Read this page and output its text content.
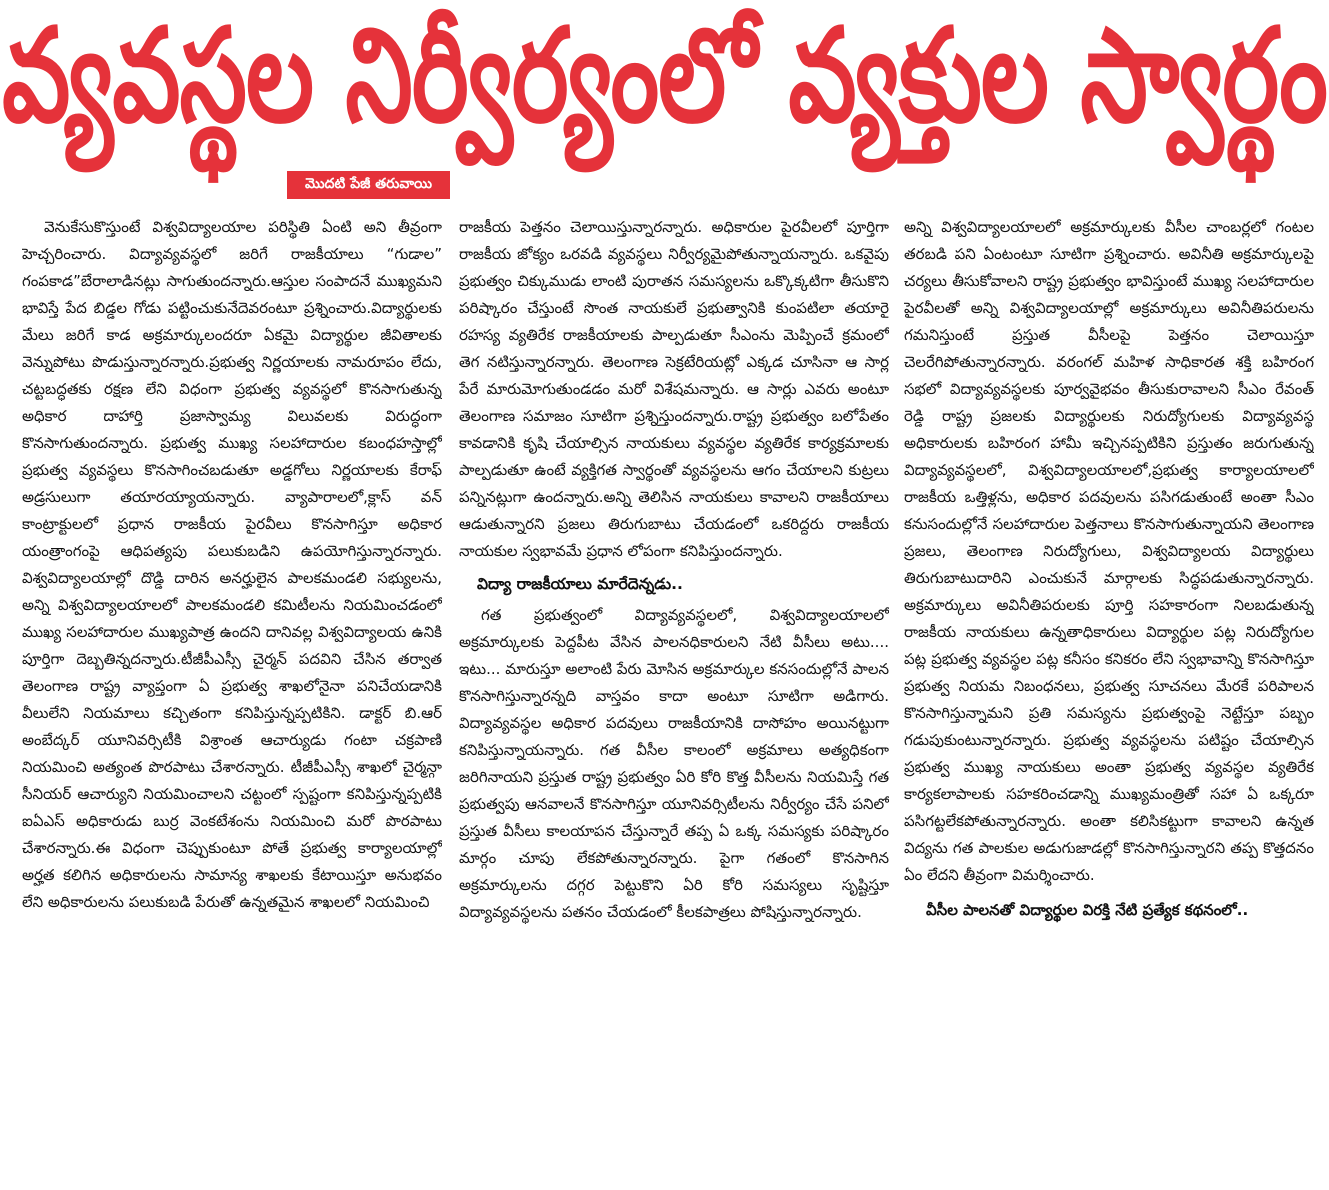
వ్యవస్థల నిర్వీర్యంలో వ్యక్తుల స్వార్థం
మొదటి పేజీ తరువాయి

వెనుకేసుకొస్తుంటే విశ్వవిద్యాలయాల పరిస్థితి ఏంటి అని తీవ్రంగా హెచ్చరించారు. విద్యావ్యవస్థలో జరిగే రాజకీయాలు “గుడాల” గంపకాడ”బేరాలాడినట్లు సాగుతుందన్నారు.ఆస్తుల సంపాదనే ముఖ్యమని భావిస్తే పేద బిడ్డల గోడు పట్టించుకునేదెవరంటూ ప్రశ్నించారు.విద్యార్థులకు మేలు జరిగే కాడ అక్రమార్కులందరూ ఏకమై విద్యార్థుల జీవితాలకు వెన్నుపోటు పొడుస్తున్నారన్నారు.ప్రభుత్వ నిర్ణయాలకు నామరూపం లేదు, చట్టబద్ధతకు రక్షణ లేని విధంగా ప్రభుత్వ వ్యవస్థలో కొనసాగుతున్న అధికార దాహార్తి ప్రజాస్వామ్య విలువలకు విరుద్ధంగా కొనసాగుతుందన్నారు. ప్రభుత్వ ముఖ్య సలహాదారుల కబంధహస్తాల్లో ప్రభుత్వ వ్యవస్థలు కొనసాగించబడుతూ అడ్డగోలు నిర్ణయాలకు కేరాఫ్ అడ్రసులుగా తయారయ్యాయన్నారు. వ్యాపారాలలో,క్లాస్ వన్ కాంట్రాక్టులలో ప్రధాన రాజకీయ పైరవీలు కొనసాగిస్తూ అధికార యంత్రాంగంపై ఆధిపత్యపు పలుకుబడిని ఉపయోగిస్తున్నారన్నారు. విశ్వవిద్యాలయాల్లో దొడ్డి దారిన అనర్హులైన పాలకమండలి సభ్యులను, అన్ని విశ్వవిద్యాలయాలలో పాలకమండలి కమిటీలను నియమించడంలో ముఖ్య సలహాదారుల ముఖ్యపాత్ర ఉందని దానివల్ల విశ్వవిద్యాలయ ఉనికి పూర్తిగా దెబ్బతిన్నదన్నారు.టీజీపీఎస్సీ చైర్మన్ పదవిని చేసిన తర్వాత తెలంగాణ రాష్ట్ర వ్యాప్తంగా ఏ ప్రభుత్వ శాఖలోనైనా పనిచేయడానికి వీలులేని నియమాలు కచ్చితంగా కనిపిస్తున్నప్పటికిని. డాక్టర్ బి.ఆర్ అంబేద్కర్ యూనివర్సిటీకి విశ్రాంత ఆచార్యుడు గంటా చక్రపాణి నియమించి అత్యంత పొరపాటు చేశారన్నారు. టీజీపీఎస్సీ శాఖలో చైర్మన్గా సీనియర్ ఆచార్యుని నియమించాలని చట్టంలో స్పష్టంగా కనిపిస్తున్నప్పటికి ఐఏఎస్ అధికారుడు బుర్ర వెంకటేశంను నియమించి మరో పొరపాటు చేశారన్నారు.ఈ విధంగా చెప్పుకుంటూ పోతే ప్రభుత్వ కార్యాలయాల్లో అర్హత కలిగిన అధికారులను సామాన్య శాఖలకు కేటాయిస్తూ అనుభవం లేని అధికారులను పలుకుబడి పేరుతో ఉన్నతమైన శాఖలలో నియమించి

రాజకీయ పెత్తనం చెలాయిస్తున్నారన్నారు. అధికారుల పైరవీలలో పూర్తిగా రాజకీయ జోక్యం ఒరవడి వ్యవస్థలు నిర్వీర్యమైపోతున్నాయన్నారు. ఒకవైపు ప్రభుత్వం చిక్కుముడు లాంటి పురాతన సమస్యలను ఒక్కొక్కటిగా తీసుకొని పరిష్కారం చేస్తుంటే సొంత నాయకులే ప్రభుత్వానికి కుంపటిలా తయారై రహస్య వ్యతిరేక రాజకీయాలకు పాల్పడుతూ సీఎంను మెప్పించే క్రమంలో తెగ నటిస్తున్నారన్నారు. తెలంగాణ సెక్రటేరియట్లో ఎక్కడ చూసినా ఆ సార్ల పేరే మారుమోగుతుండడం మరో విశేషమన్నారు. ఆ సార్లు ఎవరు అంటూ తెలంగాణ సమాజం సూటిగా ప్రశ్నిస్తుందన్నారు.రాష్ట్ర ప్రభుత్వం బలోపేతం కావడానికి కృషి చేయాల్సిన నాయకులు వ్యవస్థల వ్యతిరేక కార్యక్రమాలకు పాల్పడుతూ ఉంటే వ్యక్తిగత స్వార్థంతో వ్యవస్థలను ఆగం చేయాలని కుట్రలు పన్నినట్లుగా ఉందన్నారు.అన్ని తెలిసిన నాయకులు కావాలని రాజకీయాలు ఆడుతున్నారని ప్రజలు తిరుగుబాటు చేయడంలో ఒకరిద్దరు రాజకీయ నాయకుల స్వభావమే ప్రధాన లోపంగా కనిపిస్తుందన్నారు.

విద్యా రాజకీయాలు మారేదెన్నడు..

గత ప్రభుత్వంలో విద్యావ్యవస్థలలో, విశ్వవిద్యాలయాలలో అక్రమార్కులకు పెద్దపీట వేసిన పాలనధికారులని నేటి వీసీలు అటు.... ఇటు... మారుస్తూ అలాంటి పేరు మోసిన అక్రమార్కుల కనసందుల్లోనే పాలన కొనసాగిస్తున్నారన్నది వాస్తవం కాదా అంటూ సూటిగా అడిగారు. విద్యావ్యవస్థల అధికార పదవులు రాజకీయానికి దాసోహం అయినట్టుగా కనిపిస్తున్నాయన్నారు. గత వీసీల కాలంలో అక్రమాలు అత్యధికంగా జరిగినాయని ప్రస్తుత రాష్ట్ర ప్రభుత్వం ఏరి కోరి కొత్త వీసీలను నియమిస్తే గత ప్రభుత్వపు ఆనవాలనే కొనసాగిస్తూ యూనివర్సిటీలను నిర్వీర్యం చేసే పనిలో ప్రస్తుత వీసీలు కాలయాపన చేస్తున్నారే తప్ప ఏ ఒక్క సమస్యకు పరిష్కారం మార్గం చూపు లేకపోతున్నారన్నారు. పైగా గతంలో కొనసాగిన అక్రమార్కులను దగ్గర పెట్టుకొని ఏరి కోరి సమస్యలు సృష్టిస్తూ విద్యావ్యవస్థలను పతనం చేయడంలో కీలకపాత్రలు పోషిస్తున్నారన్నారు.

అన్ని విశ్వవిద్యాలయాలలో అక్రమార్కులకు వీసీల చాంబర్లలో గంటల తరబడి పని ఏంటంటూ సూటిగా ప్రశ్నించారు. అవినీతి అక్రమార్కులపై చర్యలు తీసుకోవాలని రాష్ట్ర ప్రభుత్వం భావిస్తుంటే ముఖ్య సలహాదారుల పైరవీలతో అన్ని విశ్వవిద్యాలయాల్లో అక్రమార్కులు అవినీతిపరులను గమనిస్తుంటే ప్రస్తుత వీసీలపై పెత్తనం చెలాయిస్తూ చెలరేగిపోతున్నారన్నారు. వరంగల్ మహిళ సాధికారత శక్తి బహిరంగ సభలో విద్యావ్యవస్థలకు పూర్వవైభవం తీసుకురావాలని సీఎం రేవంత్ రెడ్డి రాష్ట్ర ప్రజలకు విద్యార్థులకు నిరుద్యోగులకు విద్యావ్యవస్థ అధికారులకు బహిరంగ హామీ ఇచ్చినప్పటికిని ప్రస్తుతం జరుగుతున్న విద్యావ్యవస్థలలో, విశ్వవిద్యాలయాలలో,ప్రభుత్వ కార్యాలయాలలో రాజకీయ ఒత్తిళ్లను, అధికార పదవులను పసిగడుతుంటే అంతా సీఎం కనుసందుల్లోనే సలహాదారుల పెత్తనాలు కొనసాగుతున్నాయని తెలంగాణ ప్రజలు, తెలంగాణ నిరుద్యోగులు, విశ్వవిద్యాలయ విద్యార్థులు తిరుగుబాటుదారిని ఎంచుకునే మార్గాలకు సిద్ధపడుతున్నారన్నారు. అక్రమార్కులు అవినీతిపరులకు పూర్తి సహకారంగా నిలబడుతున్న రాజకీయ నాయకులు ఉన్నతాధికారులు విద్యార్థుల పట్ల నిరుద్యోగుల పట్ల ప్రభుత్వ వ్యవస్థల పట్ల కనీసం కనికరం లేని స్వభావాన్ని కొనసాగిస్తూ ప్రభుత్వ నియమ నిబంధనలు, ప్రభుత్వ సూచనలు మేరకే పరిపాలన కొనసాగిస్తున్నామని ప్రతి సమస్యను ప్రభుత్వంపై నెట్టేస్తూ పబ్బం గడుపుకుంటున్నారన్నారు. ప్రభుత్వ వ్యవస్థలను పటిష్టం చేయాల్సిన ప్రభుత్వ ముఖ్య నాయకులు అంతా ప్రభుత్వ వ్యవస్థల వ్యతిరేక కార్యకలాపాలకు సహకరించడాన్ని ముఖ్యమంత్రితో సహా ఏ ఒక్కరూ పసిగట్టలేకపోతున్నారన్నారు. అంతా కలిసికట్టుగా కావాలని ఉన్నత విద్యను గత పాలకుల అడుగుజాడల్లో కొనసాగిస్తున్నారని తప్ప కొత్తదనం ఏం లేదని తీవ్రంగా విమర్శించారు.

వీసీల పాలనతో విద్యార్థుల విరక్తి నేటి ప్రత్యేక కథనంలో..
